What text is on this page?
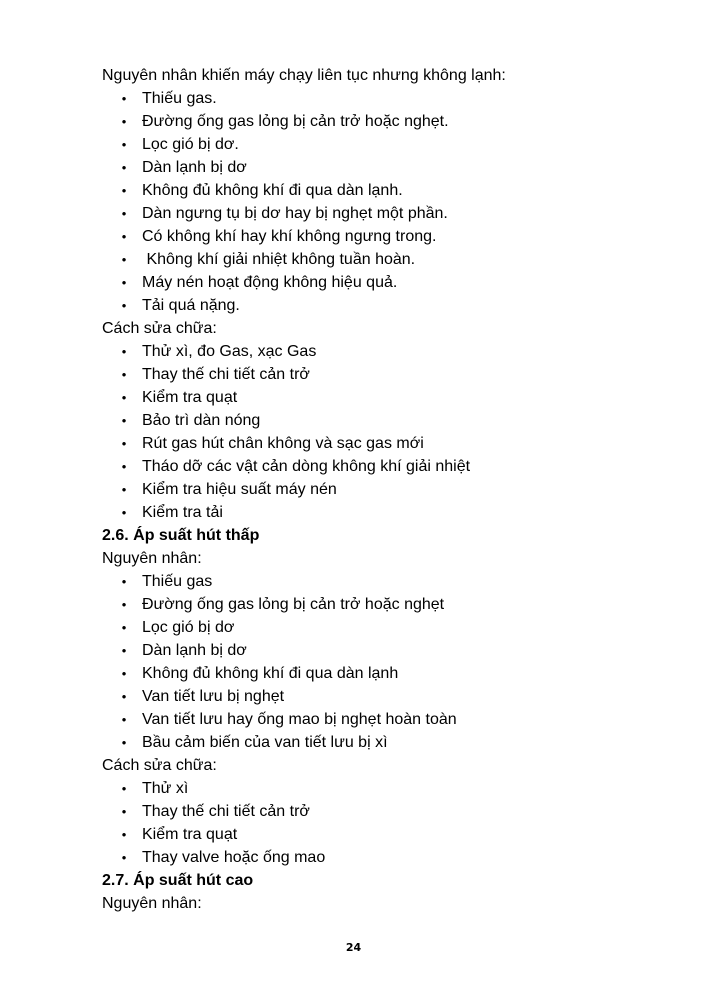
Nguyên nhân khiến máy chạy liên tục nhưng không lạnh:
• Thiếu gas.
• Đường ống gas lỏng bị cản trở hoặc nghẹt.
• Lọc gió bị dơ.
• Dàn lạnh bị dơ
• Không đủ không khí đi qua dàn lạnh.
• Dàn ngưng tụ bị dơ hay bị nghẹt một phần.
• Có không khí hay khí không ngưng trong.
• Không khí giải nhiệt không tuần hoàn.
• Máy nén hoạt động không hiệu quả.
• Tải quá nặng.
Cách sửa chữa:
• Thử xì, đo Gas, xạc Gas
• Thay thế chi tiết cản trở
• Kiểm tra quạt
• Bảo trì dàn nóng
• Rút gas hút chân không và sạc gas mới
• Tháo dỡ các vật cản dòng không khí giải nhiệt
• Kiểm tra hiệu suất máy nén
• Kiểm tra tải
2.6. Áp suất hút thấp
Nguyên nhân:
• Thiếu gas
• Đường ống gas lỏng bị cản trở hoặc nghẹt
• Lọc gió bị dơ
• Dàn lạnh bị dơ
• Không đủ không khí đi qua dàn lạnh
• Van tiết lưu bị nghẹt
• Van tiết lưu hay ống mao bị nghẹt hoàn toàn
• Bầu cảm biến của van tiết lưu bị xì
Cách sửa chữa:
• Thử xì
• Thay thế chi tiết cản trở
• Kiểm tra quạt
• Thay valve hoặc ống mao
2.7. Áp suất hút cao
Nguyên nhân:
24
